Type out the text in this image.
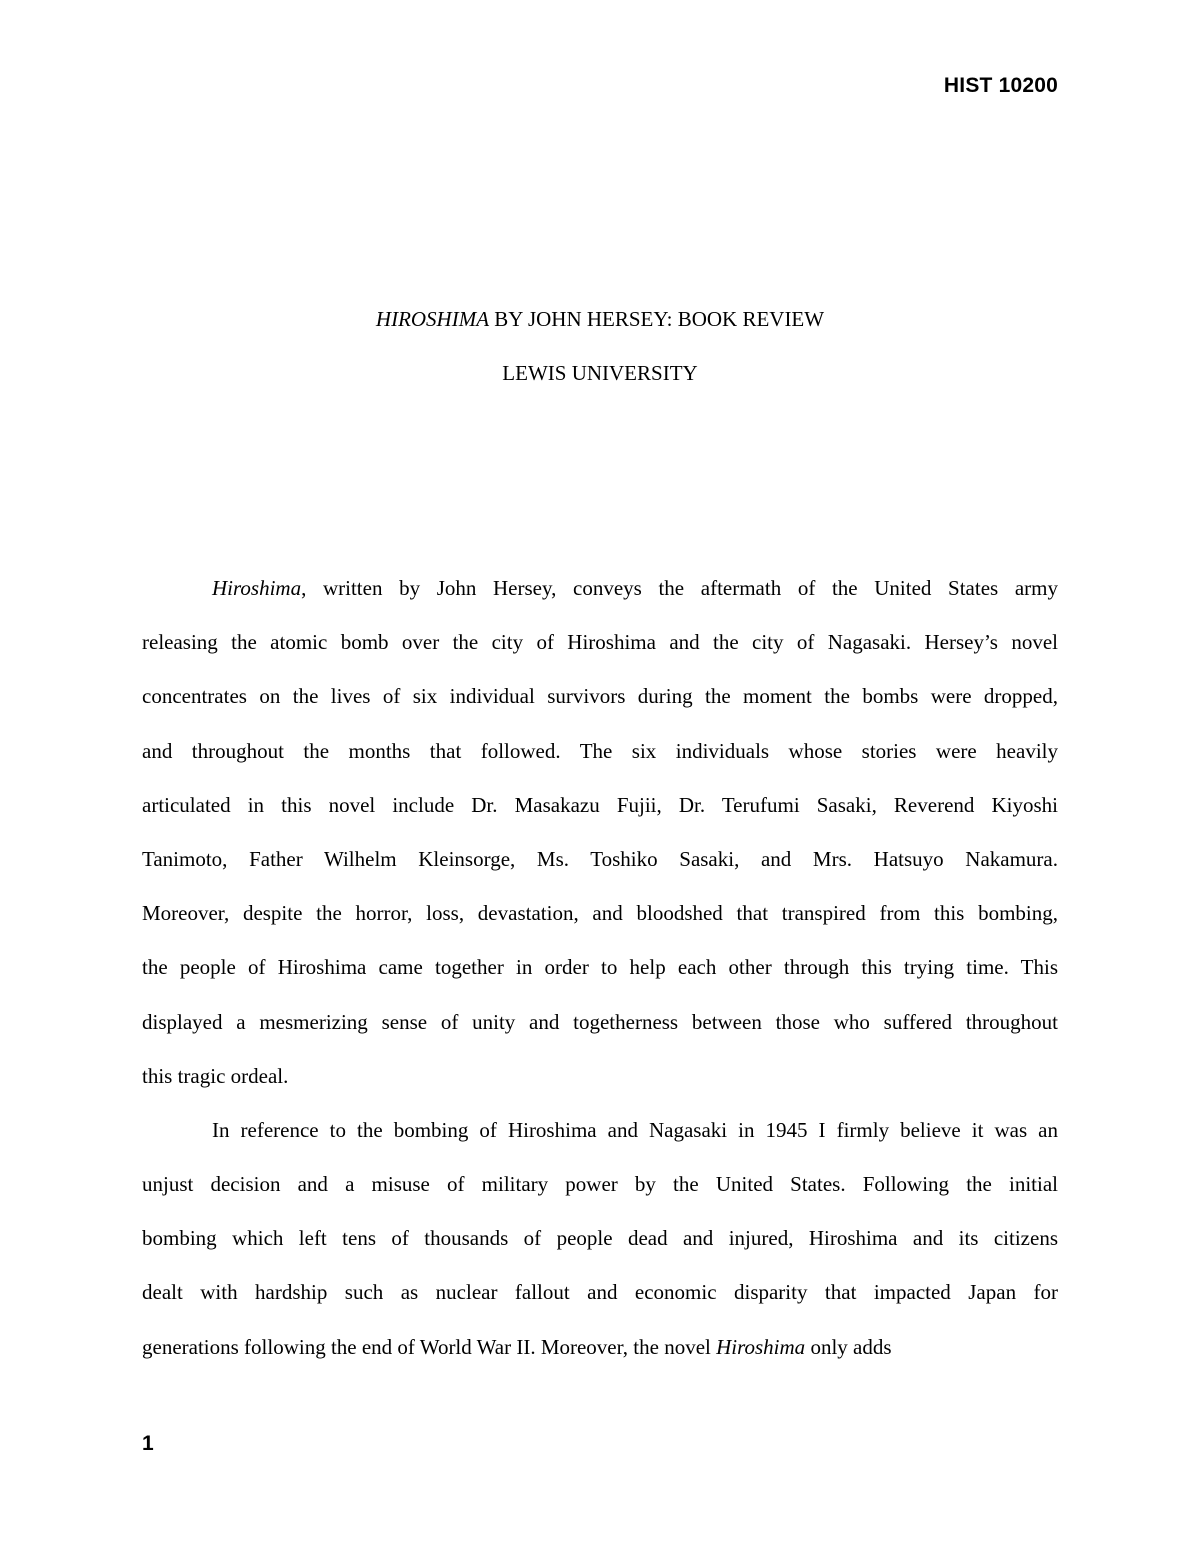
HIST 10200
HIROSHIMA BY JOHN HERSEY: BOOK REVIEW
LEWIS UNIVERSITY
Hiroshima, written by John Hersey, conveys the aftermath of the United States army
releasing the atomic bomb over the city of Hiroshima and the city of Nagasaki. Hersey’s novel
concentrates on the lives of six individual survivors during the moment the bombs were dropped,
and throughout the months that followed. The six individuals whose stories were heavily
articulated in this novel include Dr. Masakazu Fujii, Dr. Terufumi Sasaki, Reverend Kiyoshi
Tanimoto, Father Wilhelm Kleinsorge, Ms. Toshiko Sasaki, and Mrs. Hatsuyo Nakamura.
Moreover, despite the horror, loss, devastation, and bloodshed that transpired from this bombing,
the people of Hiroshima came together in order to help each other through this trying time. This
displayed a mesmerizing sense of unity and togetherness between those who suffered throughout
this tragic ordeal.
In reference to the bombing of Hiroshima and Nagasaki in 1945 I firmly believe it was an
unjust decision and a misuse of military power by the United States. Following the initial
bombing which left tens of thousands of people dead and injured, Hiroshima and its citizens
dealt with hardship such as nuclear fallout and economic disparity that impacted Japan for
generations following the end of World War II. Moreover, the novel Hiroshima only adds
1
